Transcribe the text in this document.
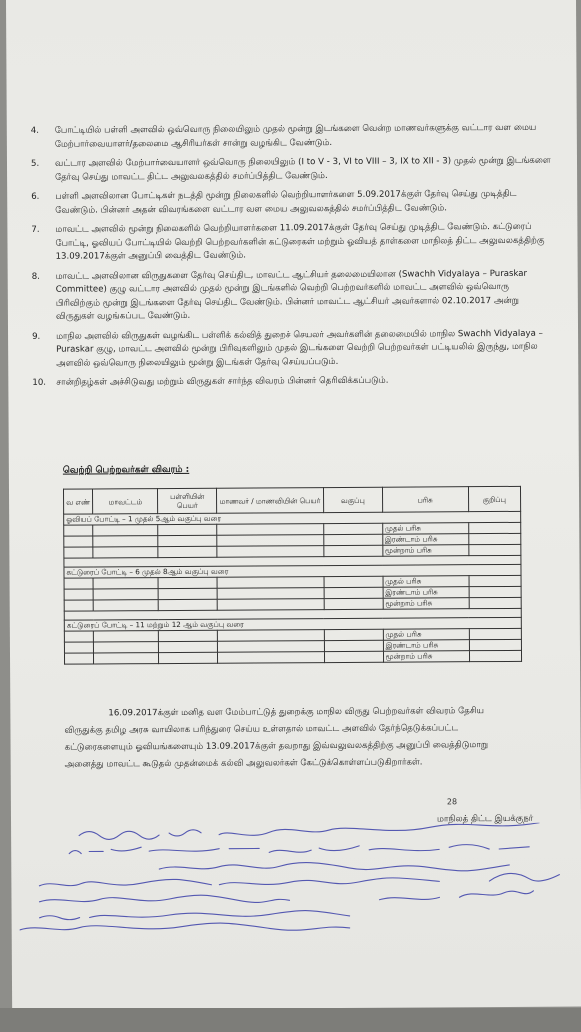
4. போட்டியில் பள்ளி அளவில் ஒவ்வொரு நிலையிலும் முதல் மூன்று இடங்களை வென்ற மாணவர்களுக்கு வட்டார வள மைய மேற்பார்வையாளர்/தலைமை ஆசிரியர்கள் சான்று வழங்கிட வேண்டும்.
5. வட்டார அளவில் மேற்பார்வையாளர் ஒவ்வொரு நிலையிலும் (I to V - 3, VI to VIII – 3, IX to XII - 3) முதல் மூன்று இடங்களை தேர்வு செய்து மாவட்ட திட்ட அலுவலகத்தில் சமர்ப்பித்திட வேண்டும்.
6. பள்ளி அளவிலான போட்டிகள் நடத்தி மூன்று நிலைகளில் வெற்றியாளர்களை 5.09.2017க்குள் தேர்வு செய்து முடித்திட வேண்டும். பின்னர் அதன் விவரங்களை வட்டார வள மைய அலுவலகத்தில் சமர்ப்பித்திட வேண்டும்.
7. மாவட்ட அளவில் மூன்று நிலைகளில் வெற்றியாளர்களை 11.09.2017க்குள் தேர்வு செய்து முடித்திட வேண்டும். கட்டுரைப் போட்டி, ஓவியப் போட்டியில் வெற்றி பெற்றவர்களின் கட்டுரைகள் மற்றும் ஓவியத் தாள்களை மாநிலத் திட்ட அலுவலகத்திற்கு 13.09.2017க்குள் அனுப்பி வைத்திட வேண்டும்.
8. மாவட்ட அளவிலான விருதுகளை தேர்வு செய்திட, மாவட்ட ஆட்சியர் தலைமையிலான (Swachh Vidyalaya – Puraskar Committee) குழு வட்டார அளவில் முதல் மூன்று இடங்களில் வெற்றி பெற்றவர்களில் மாவட்ட அளவில் ஒவ்வொரு பிரிவிற்கும் மூன்று இடங்களை தேர்வு செய்திட வேண்டும். பின்னர் மாவட்ட ஆட்சியர் அவர்களால் 02.10.2017 அன்று விருதுகள் வழங்கப்பட வேண்டும்.
9. மாநில அளவில் விருதுகள் வழங்கிட பள்ளிக் கல்வித் துறைச் செயலர் அவர்களின் தலைமையில் மாநில Swachh Vidyalaya – Puraskar குழு, மாவட்ட அளவில் மூன்று பிரிவுகளிலும் முதல் இடங்களை வெற்றி பெற்றவர்கள் பட்டியலில் இருந்து, மாநில அளவில் ஒவ்வொரு நிலையிலும் மூன்று இடங்கள் தேர்வு செய்யப்படும்.
10. சான்றிதழ்கள் அச்சிடுவது மற்றும் விருதுகள் சார்ந்த விவரம் பின்னர் தெரிவிக்கப்படும்.
வெற்றி பெற்றவர்கள் விவரம் :
வ எண்	மாவட்டம்	பள்ளியின் பெயர்	மாணவர் / மாணவியின் பெயர்	வகுப்பு	பரிசு	குறிப்பு
ஓவியப் போட்டி – 1 முதல் 5ஆம் வகுப்பு வரை						
					முதல் பரிசு	
					இரண்டாம் பரிசு	
					மூன்றாம் பரிசு	

கட்டுரைப் போட்டி – 6 முதல் 8ஆம் வகுப்பு வரை						
					முதல் பரிசு	
					இரண்டாம் பரிசு	
					மூன்றாம் பரிசு	

கட்டுரைப் போட்டி – 11 மற்றும் 12 ஆம் வகுப்பு வரை						
					முதல் பரிசு	
					இரண்டாம் பரிசு	
					மூன்றாம் பரிசு	
16.09.2017க்குள் மனித வள மேம்பாட்டுத் துறைக்கு மாநில விருது பெற்றவர்கள் விவரம் தேசிய விருதுக்கு தமிழ அரசு வாயிலாக பரிந்துரை செய்ய உள்ளதால் மாவட்ட அளவில் தேர்ந்தெடுக்கப்பட்ட கட்டுரைகளையும் ஓவியங்களையும் 13.09.2017க்குள் தவறாது இவ்வலுவலகத்திற்கு அனுப்பி வைத்திடுமாறு அனைத்து மாவட்ட கூடுதல் முதன்மைக் கல்வி அலுவலர்கள் கேட்டுக்கொள்ளப்படுகிறார்கள்.
28
மாநிலத் திட்ட இயக்குநர்
